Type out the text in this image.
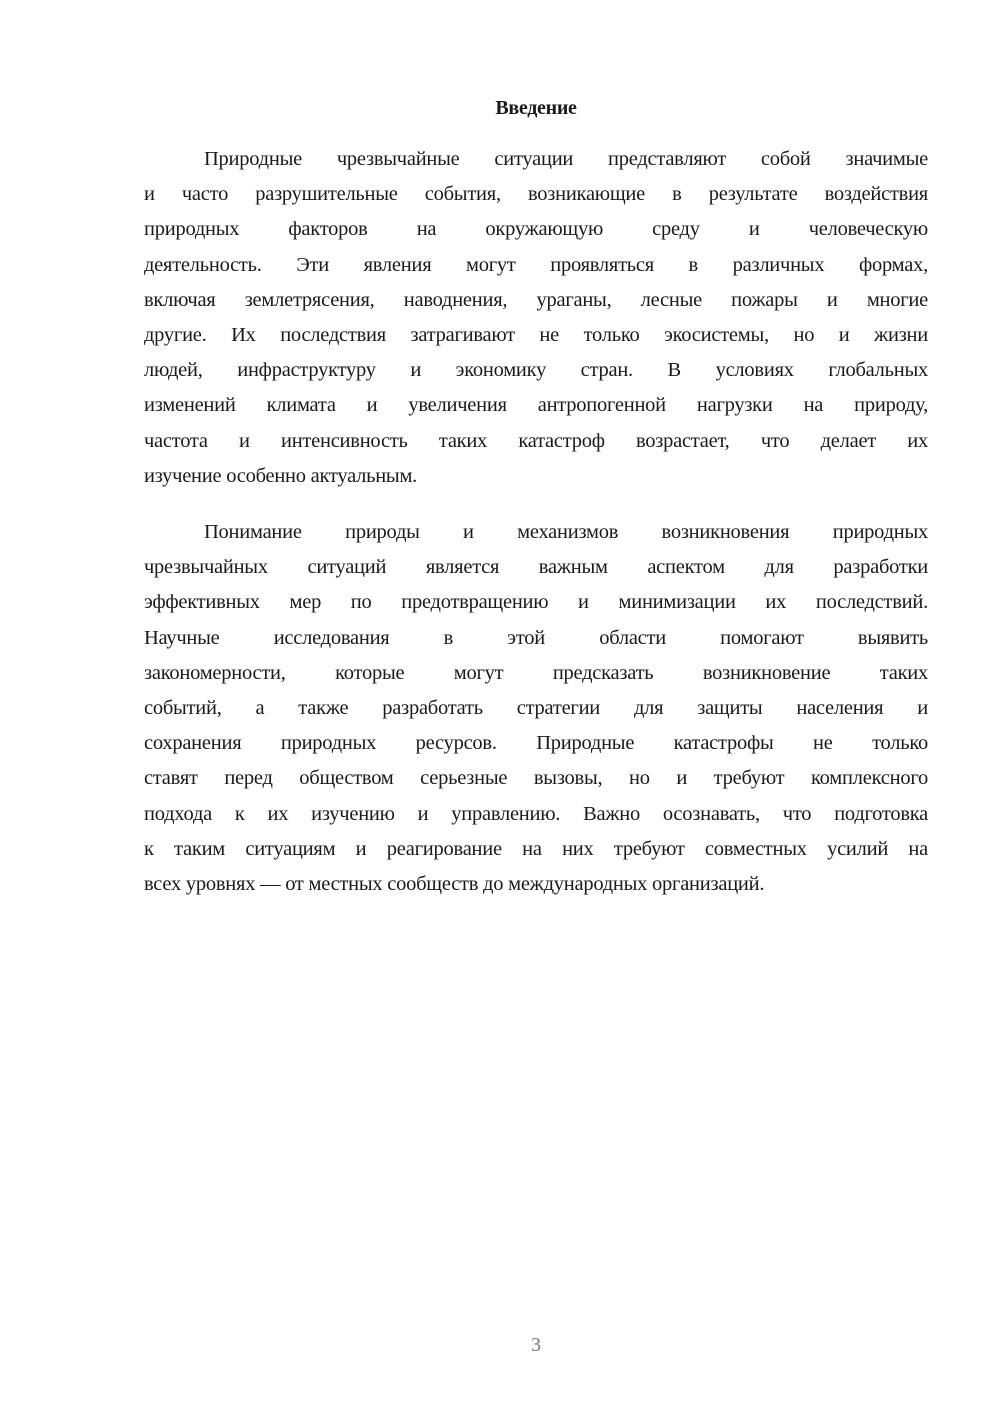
Введение
Природные чрезвычайные ситуации представляют собой значимые
и часто разрушительные события, возникающие в результате воздействия
природных факторов на окружающую среду и человеческую
деятельность. Эти явления могут проявляться в различных формах,
включая землетрясения, наводнения, ураганы, лесные пожары и многие
другие. Их последствия затрагивают не только экосистемы, но и жизни
людей, инфраструктуру и экономику стран. В условиях глобальных
изменений климата и увеличения антропогенной нагрузки на природу,
частота и интенсивность таких катастроф возрастает, что делает их
изучение особенно актуальным.
Понимание природы и механизмов возникновения природных
чрезвычайных ситуаций является важным аспектом для разработки
эффективных мер по предотвращению и минимизации их последствий.
Научные исследования в этой области помогают выявить
закономерности, которые могут предсказать возникновение таких
событий, а также разработать стратегии для защиты населения и
сохранения природных ресурсов. Природные катастрофы не только
ставят перед обществом серьезные вызовы, но и требуют комплексного
подхода к их изучению и управлению. Важно осознавать, что подготовка
к таким ситуациям и реагирование на них требуют совместных усилий на
всех уровнях — от местных сообществ до международных организаций.
3
